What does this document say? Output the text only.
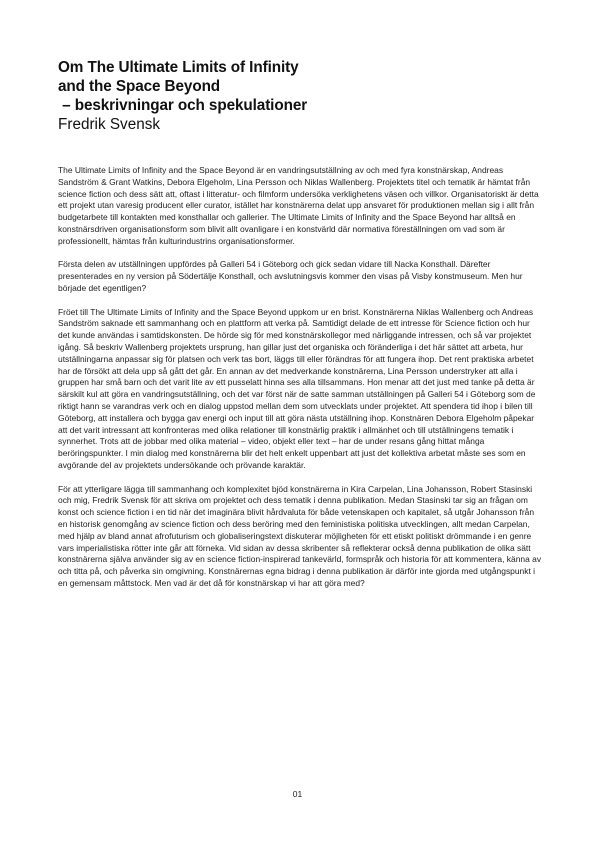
Om The Ultimate Limits of Infinity
and the Space Beyond
– beskrivningar och spekulationer
Fredrik Svensk

The Ultimate Limits of Infinity and the Space Beyond är en vandringsutställning av och med fyra konstnärskap, Andreas Sandström & Grant Watkins, Debora Elgeholm, Lina Persson och Niklas Wallenberg. Projektets titel och tematik är hämtat från science fiction och dess sätt att, oftast i litteratur- och filmform undersöka verklighetens väsen och villkor. Organisatoriskt är detta ett projekt utan varesig producent eller curator, istället har konstnärerna delat upp ansvaret för produktionen mellan sig i allt från budgetarbete till kontakten med konsthallar och gallerier. The Ultimate Limits of Infinity and the Space Beyond har alltså en konstnärsdriven organisationsform som blivit allt ovanligare i en konstvärld där normativa föreställningen om vad som är professionellt, hämtas från kulturindustrins organisationsformer.

Första delen av utställningen uppfördes på Galleri 54 i Göteborg och gick sedan vidare till Nacka Konsthall. Därefter presenterades en ny version på Södertälje Konsthall, och avslutningsvis kommer den visas på Visby konstmuseum. Men hur började det egentligen?

Fröet till The Ultimate Limits of Infinity and the Space Beyond uppkom ur en brist. Konstnärerna Niklas Wallenberg och Andreas Sandström saknade ett sammanhang och en plattform att verka på. Samtidigt delade de ett intresse för Science fiction och hur det kunde användas i samtidskonsten. De hörde sig för med konstnärskollegor med närliggande intressen, och så var projektet igång. Så beskriv Wallenberg projektets ursprung, han gillar just det organiska och föränderliga i det här sättet att arbeta, hur utställningarna anpassar sig för platsen och verk tas bort, läggs till eller förändras för att fungera ihop. Det rent praktiska arbetet har de försökt att dela upp så gått det går. En annan av det medverkande konstnärerna, Lina Persson understryker att alla i gruppen har små barn och det varit lite av ett pusselatt hinna ses alla tillsammans. Hon menar att det just med tanke på detta är särskilt kul att göra en vandringsutställning, och det var först när de satte samman utställningen på Galleri 54 i Göteborg som de riktigt hann se varandras verk och en dialog uppstod mellan dem som utvecklats under projektet. Att spendera tid ihop i bilen till Göteborg, att installera och bygga gav energi och input till att göra nästa utställning ihop. Konstnären Debora Elgeholm påpekar att det varit intressant att konfronteras med olika relationer till konstnärlig praktik i allmänhet och till utställningens tematik i synnerhet. Trots att de jobbar med olika material – video, objekt eller text – har de under resans gång hittat många beröringspunkter. I min dialog med konstnärerna blir det helt enkelt uppenbart att just det kollektiva arbetat måste ses som en avgörande del av projektets undersökande och prövande karaktär.

För att ytterligare lägga till sammanhang och komplexitet bjöd konstnärerna in Kira Carpelan, Lina Johansson, Robert Stasinski och mig, Fredrik Svensk för att skriva om projektet och dess tematik i denna publikation. Medan Stasinski tar sig an frågan om konst och science fiction i en tid när det imaginära blivit hårdvaluta för både vetenskapen och kapitalet, så utgår Johansson från en historisk genomgång av science fiction och dess beröring med den feministiska politiska utvecklingen, allt medan Carpelan, med hjälp av bland annat afrofuturism och globaliseringstext diskuterar möjligheten för ett etiskt politiskt drömmande i en genre vars imperialistiska rötter inte går att förneka. Vid sidan av dessa skribenter så reflekterar också denna publikation de olika sätt konstnärerna själva använder sig av en science fiction-inspirerad tankevärld, formspråk och historia för att kommentera, känna av och titta på, och påverka sin omgivning. Konstnärernas egna bidrag i denna publikation är därför inte gjorda med utgångspunkt i en gemensam måttstock. Men vad är det då för konstnärskap vi har att göra med?

01
